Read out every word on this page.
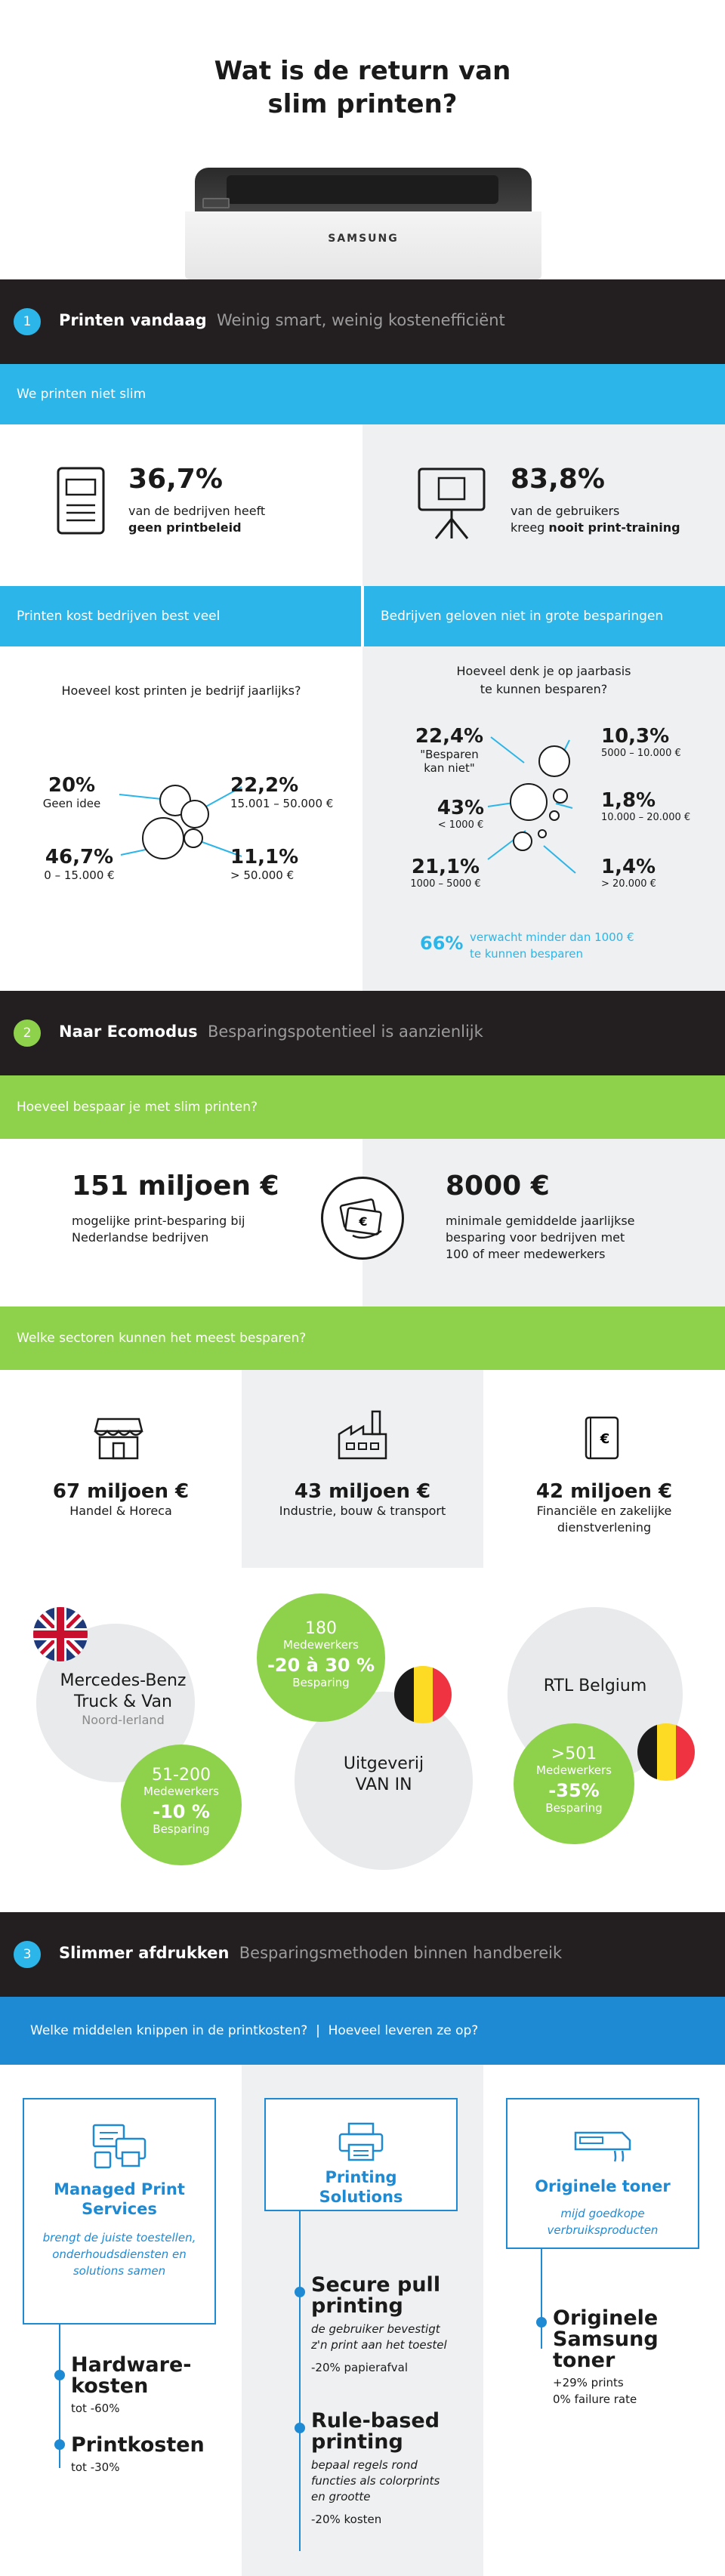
Wat is de return van
slim printen?
SAMSUNG
1	Printen vandaag Weinig smart, weinig kostenefficiënt
We printen niet slim
36,7%
van de bedrijven heeft
geen printbeleid
83,8%
van de gebruikers
kreeg nooit print-training
Printen kost bedrijven best veel	Bedrijven geloven niet in grote besparingen
Hoeveel kost printen je bedrijf jaarlijks?
20%
Geen idee
46,7%
0 – 15.000 €
22,2%
15.001 – 50.000 €
11,1%
> 50.000 €
Hoeveel denk je op jaarbasis
te kunnen besparen?
22,4%
"Besparen
kan niet"
43%
< 1000 €
21,1%
1000 – 5000 €
10,3%
5000 – 10.000 €
1,8%
10.000 – 20.000 €
1,4%
> 20.000 €
66% verwacht minder dan 1000 €
te kunnen besparen
2	Naar Ecomodus Besparingspotentieel is aanzienlijk
Hoeveel bespaar je met slim printen?
151 miljoen €
mogelijke print-besparing bij
Nederlandse bedrijven
€
8000 €
minimale gemiddelde jaarlijkse
besparing voor bedrijven met
100 of meer medewerkers
Welke sectoren kunnen het meest besparen?
€
67 miljoen €
Handel & Horeca
43 miljoen €
Industrie, bouw & transport
42 miljoen €
Financiële en zakelijke
dienstverlening
Mercedes-Benz
Truck & Van
Noord-Ierland
51-200
Medewerkers
-10 %
Besparing
180
Medewerkers
-20 à 30 %
Besparing
Uitgeverij
VAN IN
RTL Belgium
>501
Medewerkers
-35%
Besparing
3	Slimmer afdrukken Besparingsmethoden binnen handbereik
Welke middelen knippen in de printkosten? | Hoeveel leveren ze op?
Managed Print
Services

brengt de juiste toestellen,
onderhoudsdiensten en
solutions samen

Hardware-
kosten
tot -60%
Printkosten
tot -30%
Printing
Solutions
Secure pull
printing
de gebruiker bevestigt
z'n print aan het toestel
-20% papierafval
Rule-based
printing
bepaal regels rond
functies als colorprints
en grootte
-20% kosten
Originele toner

mijd goedkope
verbruiksproducten

Originele
Samsung toner
+29% prints
0% failure rate
